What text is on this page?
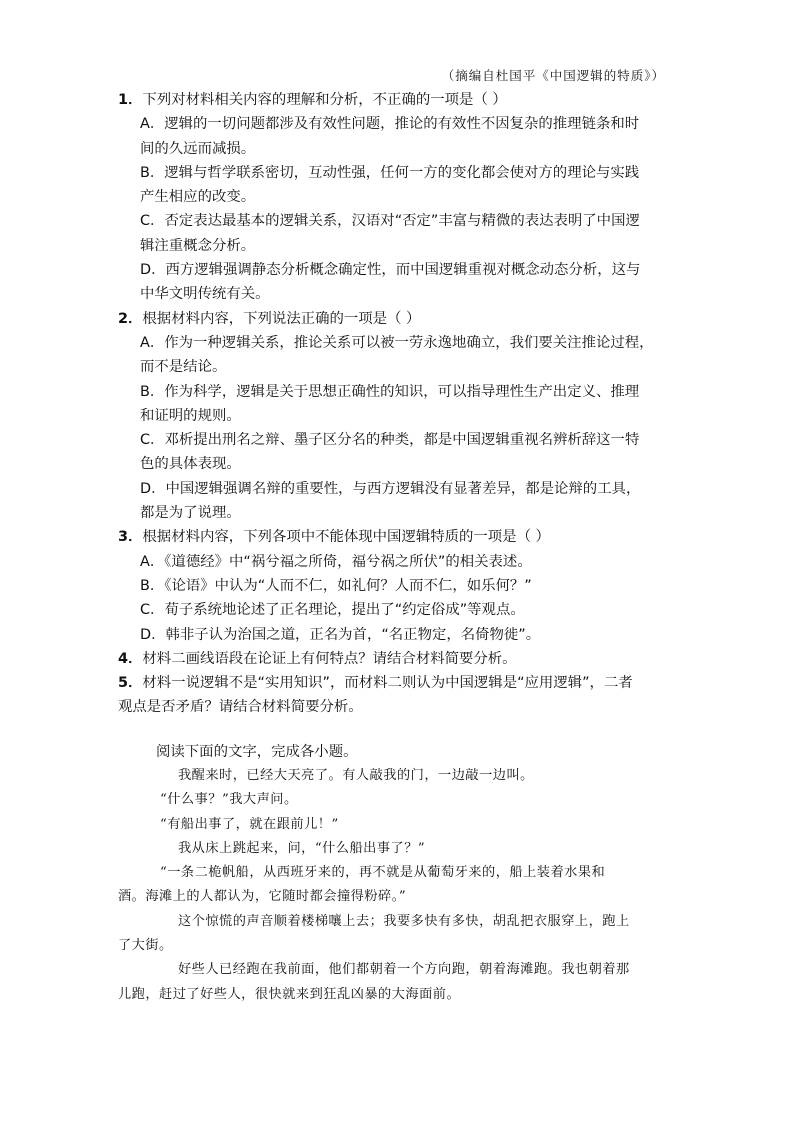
（摘编自杜国平《中国逻辑的特质》）
1．下列对材料相关内容的理解和分析，不正确的一项是（ ）
A．逻辑的一切问题都涉及有效性问题，推论的有效性不因复杂的推理链条和时
间的久远而减损。
B．逻辑与哲学联系密切，互动性强，任何一方的变化都会使对方的理论与实践
产生相应的改变。
C．否定表达最基本的逻辑关系，汉语对“否定”丰富与精微的表达表明了中国逻
辑注重概念分析。
D．西方逻辑强调静态分析概念确定性，而中国逻辑重视对概念动态分析，这与
中华文明传统有关。
2．根据材料内容，下列说法正确的一项是（ ）
A．作为一种逻辑关系，推论关系可以被一劳永逸地确立，我们要关注推论过程，
而不是结论。
B．作为科学，逻辑是关于思想正确性的知识，可以指导理性生产出定义、推理
和证明的规则。
C．邓析提出刑名之辩、墨子区分名的种类，都是中国逻辑重视名辨析辞这一特
色的具体表现。
D．中国逻辑强调名辩的重要性，与西方逻辑没有显著差异，都是论辩的工具，
都是为了说理。
3．根据材料内容，下列各项中不能体现中国逻辑特质的一项是（ ）
A．《道德经》中“祸兮福之所倚，福兮祸之所伏”的相关表述。
B．《论语》中认为“人而不仁，如礼何？人而不仁，如乐何？”
C．荀子系统地论述了正名理论，提出了“约定俗成”等观点。
D．韩非子认为治国之道，正名为首，“名正物定，名倚物徙”。
4．材料二画线语段在论证上有何特点？请结合材料简要分析。
5．材料一说逻辑不是“实用知识”，而材料二则认为中国逻辑是“应用逻辑”，二者
观点是否矛盾？请结合材料简要分析。
阅读下面的文字，完成各小题。
我醒来时，已经大天亮了。有人敲我的门，一边敲一边叫。
“什么事？”我大声问。
“有船出事了，就在跟前儿！”
我从床上跳起来，问，“什么船出事了？”
“一条二桅帆船，从西班牙来的，再不就是从葡萄牙来的，船上装着水果和
酒。海滩上的人都认为，它随时都会撞得粉碎。”
这个惊慌的声音顺着楼梯嚷上去；我要多快有多快，胡乱把衣服穿上，跑上
了大街。
好些人已经跑在我前面，他们都朝着一个方向跑，朝着海滩跑。我也朝着那
儿跑，赶过了好些人，很快就来到狂乱凶暴的大海面前。
